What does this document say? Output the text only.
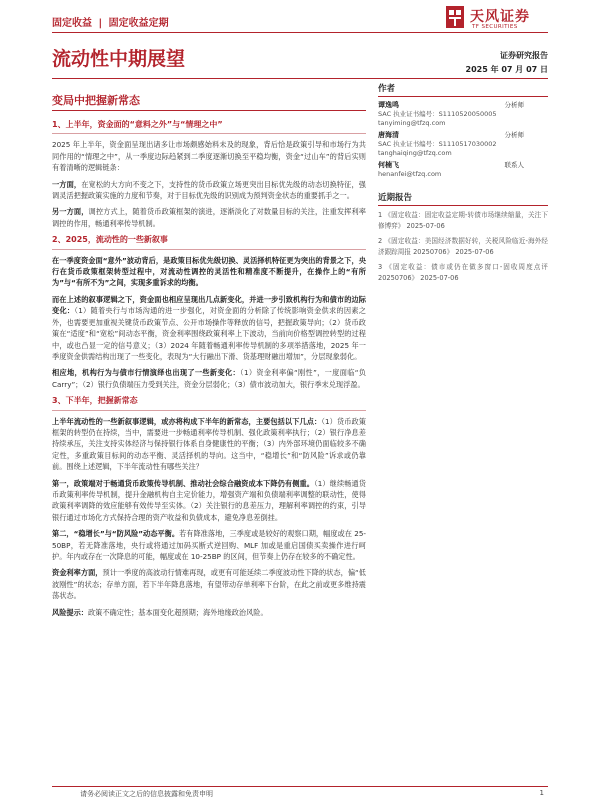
固定收益 | 固定收益定期	天风证券
TF SECURITIES
流动性中期展望	证券研究报告
2025 年 07 月 07 日
变局中把握新常态
1、上半年，资金面的“意料之外”与“情理之中”

2025 年上半年，资金面呈现出诸多让市场颇感始料未及的现象，背后恰是政策引导和市场行为共同作用的“情理之中”，从一季度边际趋紧到二季度逐渐切换至平稳均衡，资金“过山车”的背后实则有着清晰的逻辑链条：

一方面，在宽松的大方向不变之下，支持性的货币政策立场更突出目标优先级的动态切换特征，强调灵活把握政策实施的力度和节奏，对于目标优先级的识别成为预判资金状态的重要抓手之一。

另一方面，调控方式上，随着货币政策框架的演进，逐渐淡化了对数量目标的关注，注重发挥利率调控的作用，畅通利率传导机制。

2、2025，流动性的一些新叙事

在一季度资金面“意外”波动背后，是政策目标优先级切换、灵活择机特征更为突出的背景之下，央行在货币政策框架转型过程中，对流动性调控的灵活性和精准度不断提升，在操作上的“有所为”与“有所不为”之间，实现多重诉求的均衡。

而在上述的叙事逻辑之下，资金面也相应呈现出几点新变化，并进一步引致机构行为和债市的边际变化：（1）随着央行与市场沟通的进一步强化，对资金面的分析除了传统影响资金供求的因素之外，也需要更加重视关键货币政策节点、公开市场操作等释放的信号，把握政策导向；（2）货币政策在“适度”和“宽松”间动态平衡，资金利率围绕政策利率上下波动，当前向价格型调控转型的过程中，或也凸显一定的信号意义；（3）2024 年随着畅通利率传导机制的多项举措落地，2025 年一季度资金供需结构出现了一些变化，表现为“大行融出下滑、货基理财融出增加”，分层现象弱化。

相应地，机构行为与债市行情演绎也出现了一些新变化：（1）资金利率偏“刚性”，一度面临“负 Carry”；（2）银行负债端压力受到关注，资金分层弱化；（3）债市波动加大，银行季末兑现浮盈。

3、下半年，把握新常态

上半年流动性的一些新叙事逻辑，或亦将构成下半年的新常态，主要包括以下几点：（1）货币政策框架的转型仍在持续，当中，需要进一步畅通利率传导机制、强化政策利率执行；（2）银行净息差持续承压，关注支持实体经济与保持银行体系自身健康性的平衡；（3）内外部环境仍面临较多不确定性，多重政策目标间的动态平衡、灵活择机的导向。这当中，“稳增长”和“防风险”诉求或仍靠前。围绕上述逻辑，下半年流动性有哪些关注？

第一，政策端对于畅通货币政策传导机制、推动社会综合融资成本下降仍有侧重。（1）继续畅通货币政策利率传导机制，提升金融机构自主定价能力，增强资产端和负债端利率调整的联动性，使得政策利率调降的效应能够有效传导至实体。（2）关注银行的息差压力，理解利率调控的约束，引导银行通过市场化方式保持合理的资产收益和负债成本，避免净息差倒挂。

第二，“稳增长”与“防风险”动态平衡。若有降准落地，三季度或是较好的观察口期，幅度或在 25-50BP，若无降准落地，央行或将通过加码买断式逆回购、MLF 加或是重启国债买卖操作进行呵护。年内或存在一次降息的可能，幅度或在 10-25BP 的区间，但节奏上仍存在较多的不确定性。

资金利率方面，预计一季度的高波动行情难再现，或更有可能延续二季度波动性下降的状态，偏“低波刚性”的状态；存单方面，若下半年降息落地，有望带动存单利率下台阶，在此之前或更多维持震荡状态。

风险提示：政策不确定性；基本面变化超预期；海外地缘政治风险。

作者
谭逸鸣	分析师
SAC 执业证书编号：S1110520050005
tanyiming@tfzq.com
唐海清	分析师
SAC 执业证书编号：S1110517030002
tanghaiqing@tfzq.com
何楠飞	联系人
henanfei@tfzq.com
近期报告
1 《固定收益：固定收益定期-转债市场继续缩量，关注下修博弈》 2025-07-06
2 《固定收益：美国经济数据好转，关税风险临近-海外经济跟踪周报 20250706》 2025-07-06
3 《固定收益：债市或仍在做多窗口-固收周度点评 20250706》 2025-07-06
请务必阅读正文之后的信息披露和免责申明	1
